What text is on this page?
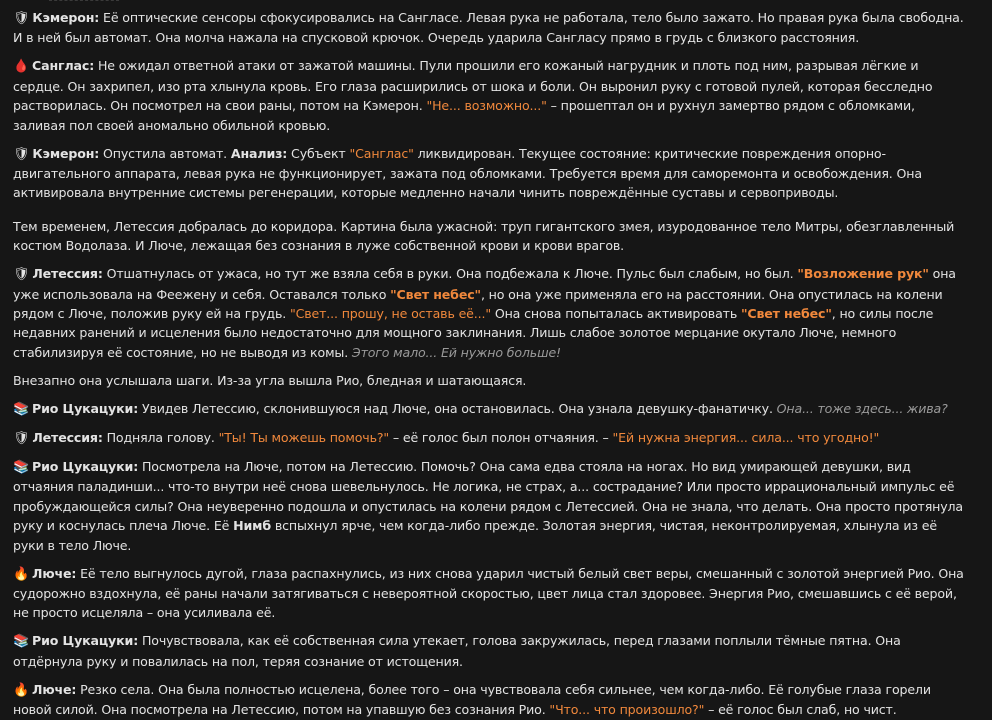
🛡 Кэмерон: Её оптические сенсоры сфокусировались на Сангласе. Левая рука не работала, тело было зажато. Но правая рука была свободна. И в ней был автомат. Она молча нажала на спусковой крючок. Очередь ударила Сангласу прямо в грудь с близкого расстояния.
🩸 Санглас: Не ожидал ответной атаки от зажатой машины. Пули прошили его кожаный нагрудник и плоть под ним, разрывая лёгкие и сердце. Он захрипел, изо рта хлынула кровь. Его глаза расширились от шока и боли. Он выронил руку с готовой пулей, которая бесследно растворилась. Он посмотрел на свои раны, потом на Кэмерон. "Не... возможно..." – прошептал он и рухнул замертво рядом с обломками, заливая пол своей аномально обильной кровью.
🛡 Кэмерон: Опустила автомат. Анализ: Субъект "Санглас" ликвидирован. Текущее состояние: критические повреждения опорно-двигательного аппарата, левая рука не функционирует, зажата под обломками. Требуется время для саморемонта и освобождения. Она активировала внутренние системы регенерации, которые медленно начали чинить повреждённые суставы и сервоприводы.
Тем временем, Летессия добралась до коридора. Картина была ужасной: труп гигантского змея, изуродованное тело Митры, обезглавленный костюм Водолаза. И Люче, лежащая без сознания в луже собственной крови и крови врагов.
🛡 Летессия: Отшатнулась от ужаса, но тут же взяла себя в руки. Она подбежала к Люче. Пульс был слабым, но был. "Возложение рук" она уже использовала на Феежену и себя. Оставался только "Свет небес", но она уже применяла его на расстоянии. Она опустилась на колени рядом с Люче, положив руку ей на грудь. "Свет... прошу, не оставь её..." Она снова попыталась активировать "Свет небес", но силы после недавних ранений и исцеления было недостаточно для мощного заклинания. Лишь слабое золотое мерцание окутало Люче, немного стабилизируя её состояние, но не выводя из комы. Этого мало... Ей нужно больше!
Внезапно она услышала шаги. Из-за угла вышла Рио, бледная и шатающаяся.
📚 Рио Цукацуки: Увидев Летессию, склонившуюся над Люче, она остановилась. Она узнала девушку-фанатичку. Она... тоже здесь... жива?
🛡 Летессия: Подняла голову. "Ты! Ты можешь помочь?" – её голос был полон отчаяния. – "Ей нужна энергия... сила... что угодно!"
📚 Рио Цукацуки: Посмотрела на Люче, потом на Летессию. Помочь? Она сама едва стояла на ногах. Но вид умирающей девушки, вид отчаяния паладинши... что-то внутри неё снова шевельнулось. Не логика, не страх, а... сострадание? Или просто иррациональный импульс её пробуждающейся силы? Она неуверенно подошла и опустилась на колени рядом с Летессией. Она не знала, что делать. Она просто протянула руку и коснулась плеча Люче. Её Нимб вспыхнул ярче, чем когда-либо прежде. Золотая энергия, чистая, неконтролируемая, хлынула из её руки в тело Люче.
🔥 Люче: Её тело выгнулось дугой, глаза распахнулись, из них снова ударил чистый белый свет веры, смешанный с золотой энергией Рио. Она судорожно вздохнула, её раны начали затягиваться с невероятной скоростью, цвет лица стал здоровее. Энергия Рио, смешавшись с её верой, не просто исцеляла – она усиливала её.
📚 Рио Цукацуки: Почувствовала, как её собственная сила утекает, голова закружилась, перед глазами поплыли тёмные пятна. Она отдёрнула руку и повалилась на пол, теряя сознание от истощения.
🔥 Люче: Резко села. Она была полностью исцелена, более того – она чувствовала себя сильнее, чем когда-либо. Её голубые глаза горели новой силой. Она посмотрела на Летессию, потом на упавшую без сознания Рио. "Что... что произошло?" – её голос был слаб, но чист.
